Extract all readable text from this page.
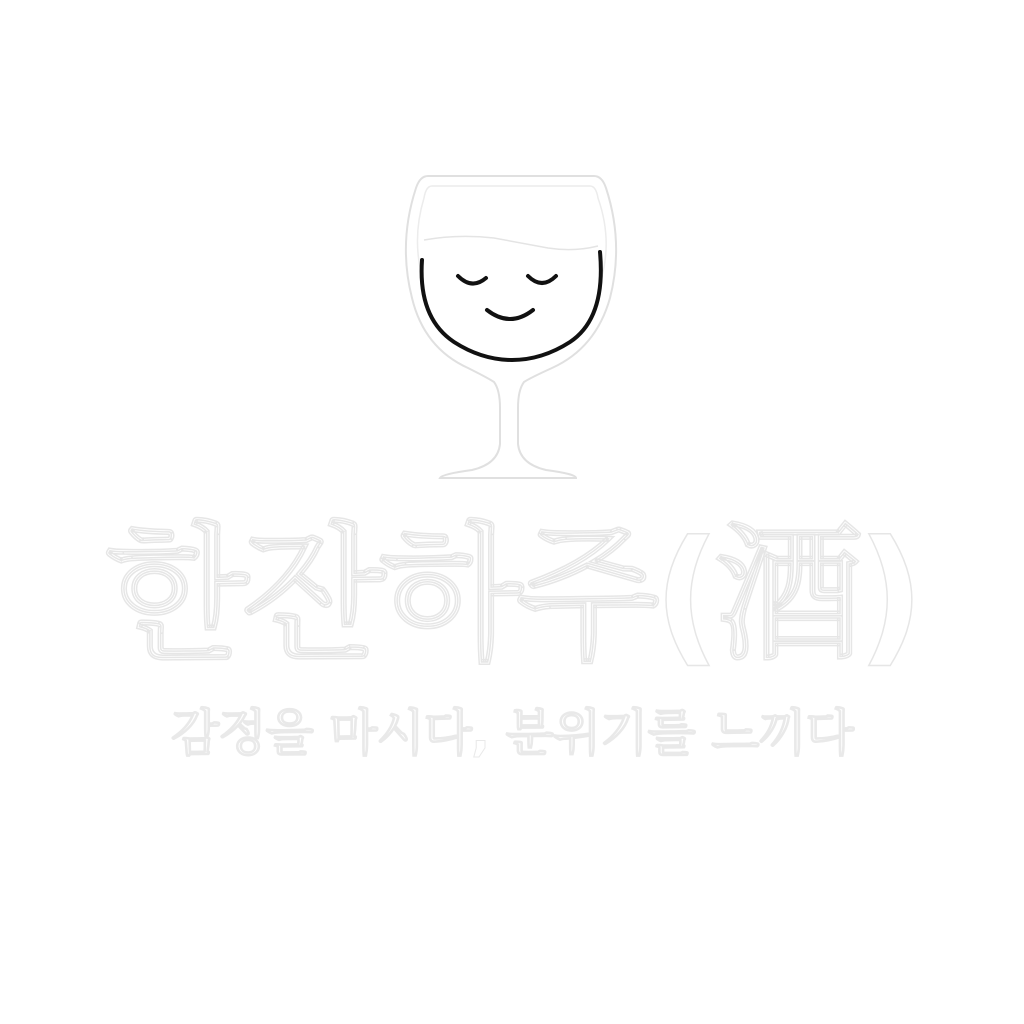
한잔하주(酒)
감정을 마시다, 분위기를 느끼다
